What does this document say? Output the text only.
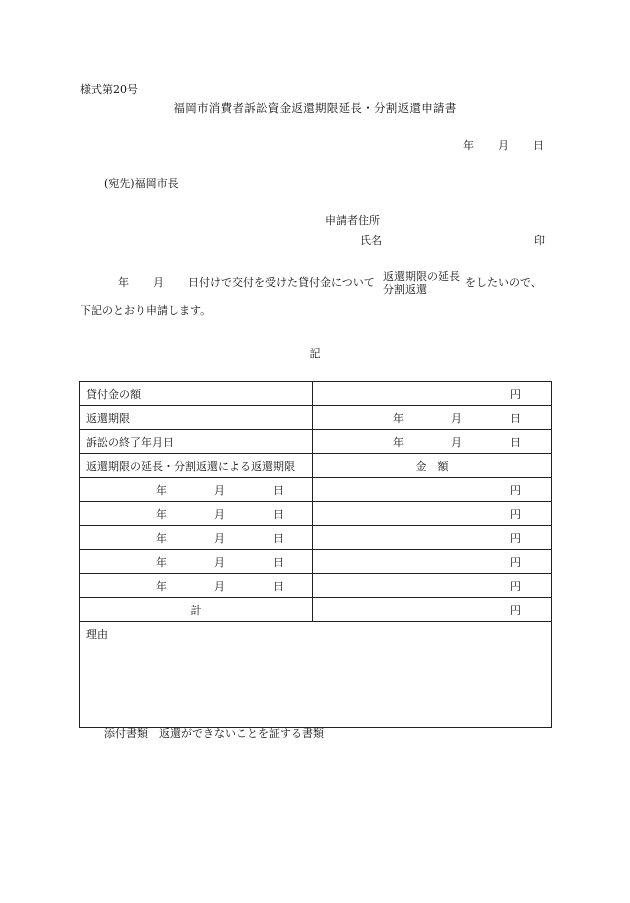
様式第20号
福岡市消費者訴訟資金返還期限延長・分割返還申請書
年 月 日
(宛先)福岡市長
申請者住所
氏名	印
年 月 日付けで交付を受けた貸付金について 返還期限の延長
分割返還
をしたいので、
下記のとおり申請します。
記
貸付金の額	円
返還期限	年 月 日
訴訟の終了年月日	年 月 日
返還期限の延長・分割返還による返還期限	金　額
年 月 日	円
年 月 日	円
年 月 日	円
年 月 日	円
年 月 日	円
計	円
理由	
添付書類　返還ができないことを証する書類
